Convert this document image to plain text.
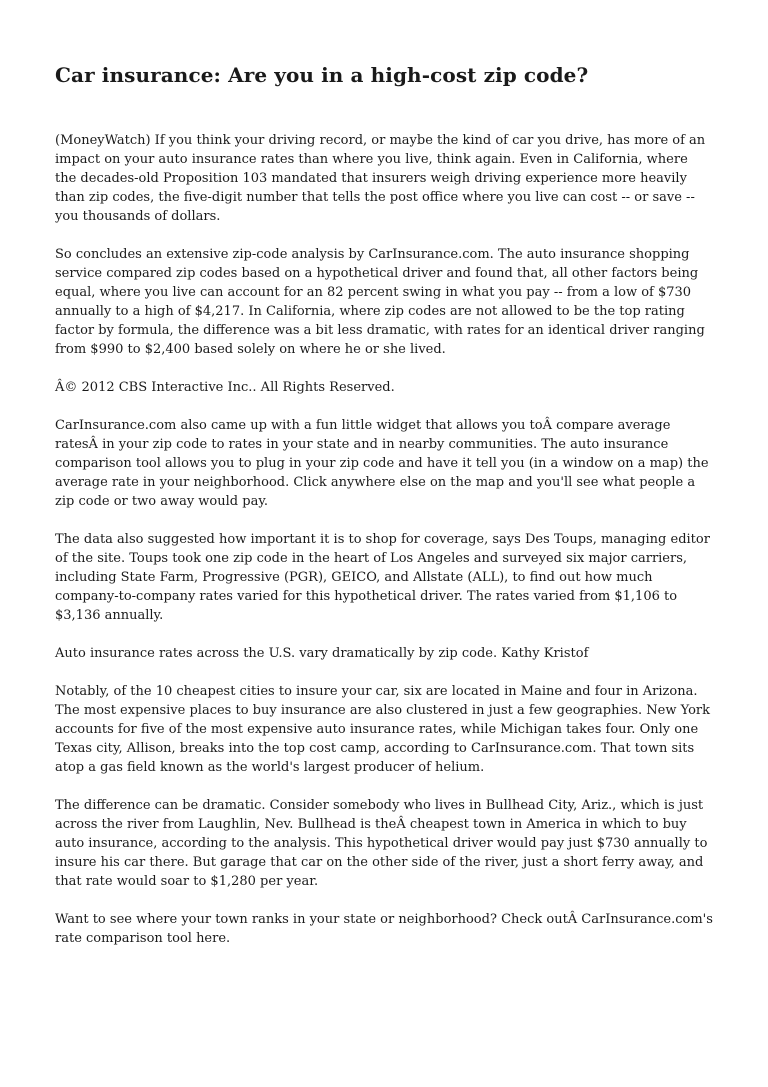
Car insurance: Are you in a high-cost zip code?

(MoneyWatch) If you think your driving record, or maybe the kind of car you drive, has more of an impact on your auto insurance rates than where you live, think again. Even in California, where the decades-old Proposition 103 mandated that insurers weigh driving experience more heavily than zip codes, the five-digit number that tells the post office where you live can cost -- or save -- you thousands of dollars.

So concludes an extensive zip-code analysis by CarInsurance.com. The auto insurance shopping service compared zip codes based on a hypothetical driver and found that, all other factors being equal, where you live can account for an 82 percent swing in what you pay -- from a low of $730 annually to a high of $4,217. In California, where zip codes are not allowed to be the top rating factor by formula, the difference was a bit less dramatic, with rates for an identical driver ranging from $990 to $2,400 based solely on where he or she lived.

Â© 2012 CBS Interactive Inc.. All Rights Reserved.

CarInsurance.com also came up with a fun little widget that allows you toÂ compare average ratesÂ in your zip code to rates in your state and in nearby communities. The auto insurance comparison tool allows you to plug in your zip code and have it tell you (in a window on a map) the average rate in your neighborhood. Click anywhere else on the map and you'll see what people a zip code or two away would pay.

The data also suggested how important it is to shop for coverage, says Des Toups, managing editor of the site. Toups took one zip code in the heart of Los Angeles and surveyed six major carriers, including State Farm, Progressive (PGR), GEICO, and Allstate (ALL), to find out how much company-to-company rates varied for this hypothetical driver. The rates varied from $1,106 to $3,136 annually.

Auto insurance rates across the U.S. vary dramatically by zip code. Kathy Kristof

Notably, of the 10 cheapest cities to insure your car, six are located in Maine and four in Arizona. The most expensive places to buy insurance are also clustered in just a few geographies. New York accounts for five of the most expensive auto insurance rates, while Michigan takes four. Only one Texas city, Allison, breaks into the top cost camp, according to CarInsurance.com. That town sits atop a gas field known as the world's largest producer of helium.

The difference can be dramatic. Consider somebody who lives in Bullhead City, Ariz., which is just across the river from Laughlin, Nev. Bullhead is theÂ cheapest town in America in which to buy auto insurance, according to the analysis. This hypothetical driver would pay just $730 annually to insure his car there. But garage that car on the other side of the river, just a short ferry away, and that rate would soar to $1,280 per year.

Want to see where your town ranks in your state or neighborhood? Check outÂ CarInsurance.com's rate comparison tool here.
